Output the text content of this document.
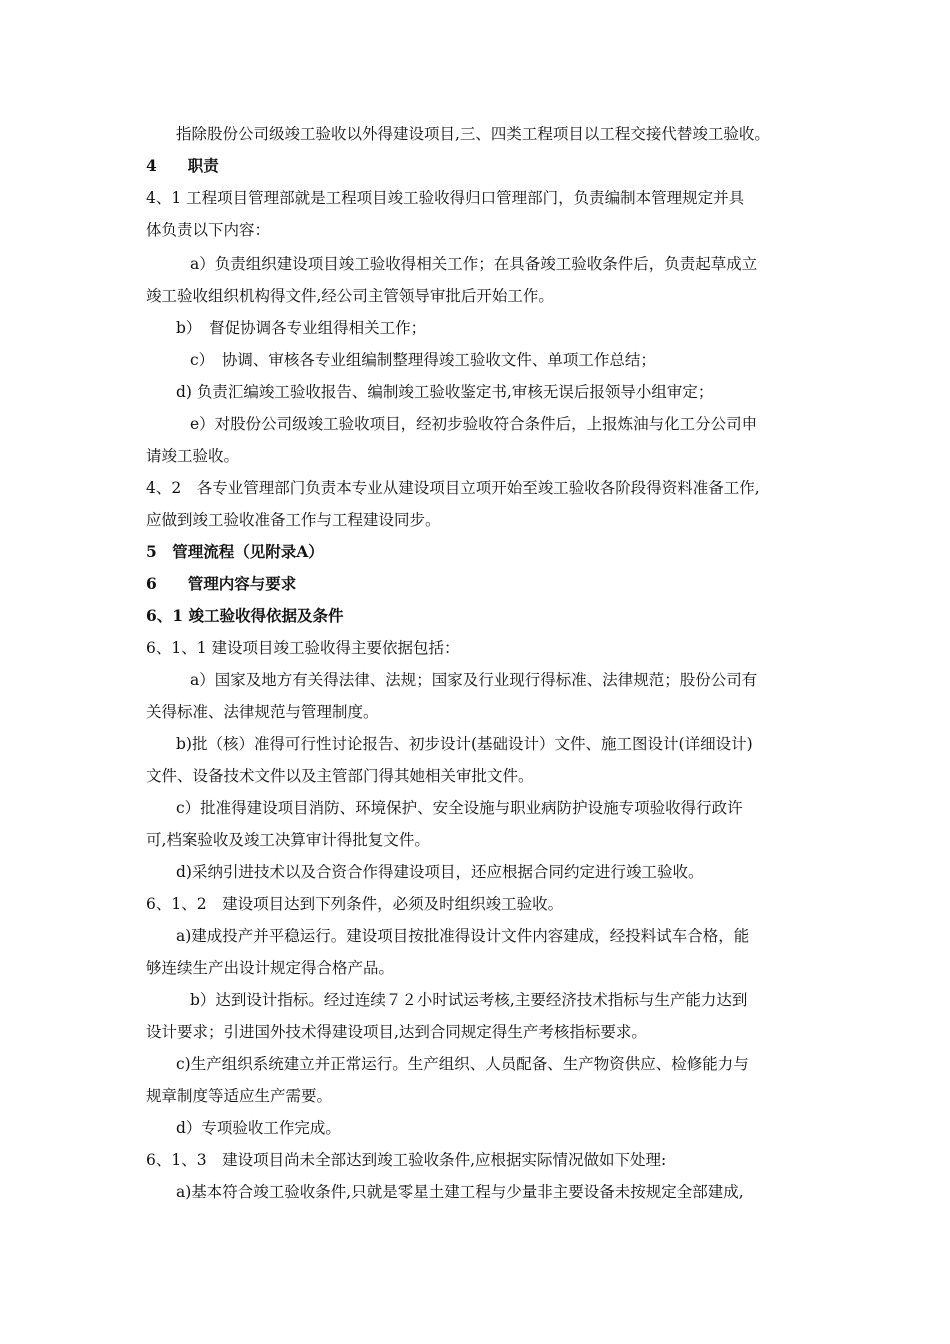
指除股份公司级竣工验收以外得建设项目,三、四类工程项目以工程交接代替竣工验收。
4　　职责
4、1 工程项目管理部就是工程项目竣工验收得归口管理部门，负责编制本管理规定并具
体负责以下内容：
a）负责组织建设项目竣工验收得相关工作；在具备竣工验收条件后，负责起草成立
竣工验收组织机构得文件,经公司主管领导审批后开始工作。
b）　督促协调各专业组得相关工作；
c）　协调、审核各专业组编制整理得竣工验收文件、单项工作总结；
d) 负责汇编竣工验收报告、编制竣工验收鉴定书,审核无误后报领导小组审定；
e）对股份公司级竣工验收项目，经初步验收符合条件后，上报炼油与化工分公司申
请竣工验收。
4、2　各专业管理部门负责本专业从建设项目立项开始至竣工验收各阶段得资料准备工作,
应做到竣工验收准备工作与工程建设同步。
5　管理流程（见附录A）
6　　管理内容与要求
6、1 竣工验收得依据及条件
6、1、1 建设项目竣工验收得主要依据包括：
a）国家及地方有关得法律、法规；国家及行业现行得标准、法律规范；股份公司有
关得标准、法律规范与管理制度。
b)批（核）准得可行性讨论报告、初步设计(基础设计）文件、施工图设计(详细设计)
文件、设备技术文件以及主管部门得其她相关审批文件。
c）批准得建设项目消防、环境保护、安全设施与职业病防护设施专项验收得行政许
可,档案验收及竣工决算审计得批复文件。
d)采纳引进技术以及合资合作得建设项目，还应根据合同约定进行竣工验收。
6、1、2　建设项目达到下列条件，必须及时组织竣工验收。
a)建成投产并平稳运行。建设项目按批准得设计文件内容建成，经投料试车合格，能
够连续生产出设计规定得合格产品。
b）达到设计指标。经过连续７２小时试运考核,主要经济技术指标与生产能力达到
设计要求；引进国外技术得建设项目,达到合同规定得生产考核指标要求。
c)生产组织系统建立并正常运行。生产组织、人员配备、生产物资供应、检修能力与
规章制度等适应生产需要。
d）专项验收工作完成。
6、1、3　建设项目尚未全部达到竣工验收条件,应根据实际情况做如下处理:
a)基本符合竣工验收条件,只就是零星土建工程与少量非主要设备未按规定全部建成,
